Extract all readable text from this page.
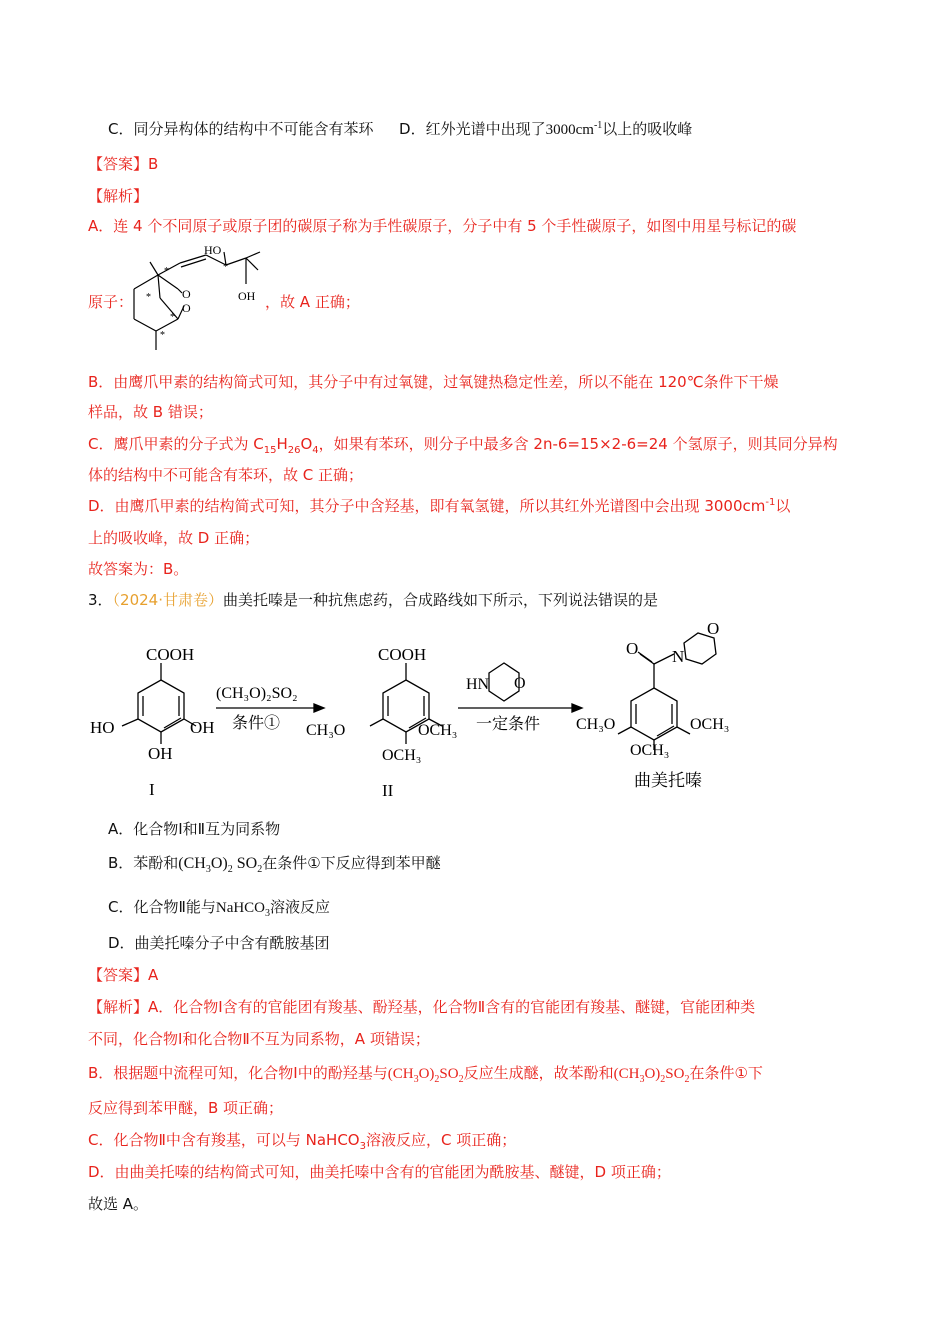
C．同分异构体的结构中不可能含有苯环 D．红外光谱中出现了$3000cm^{-1}$以上的吸收峰
【答案】B
【解析】
A．连 4 个不同原子或原子团的碳原子称为手性碳原子，分子中有 5 个手性碳原子，如图中用星号标记的碳
原子：	，故 A 正确；
HO
OH
O
O
*
*
*
*
*
B．由鹰爪甲素的结构简式可知，其分子中有过氧键，过氧键热稳定性差，所以不能在 120℃条件下干燥
样品，故 B 错误；
C．鹰爪甲素的分子式为 $C_{15}H_{26}O_4$，如果有苯环，则分子中最多含 2n-6=15×2-6=24 个氢原子，则其同分异构
体的结构中不可能含有苯环，故 C 正确；
D．由鹰爪甲素的结构简式可知，其分子中含羟基，即有氧氢键，所以其红外光谱图中会出现 $3000cm^{-1}$以
上的吸收峰，故 D 正确；
故答案为：B。
3．（2024·甘肃卷）曲美托嗪是一种抗焦虑药，合成路线如下所示，下列说法错误的是
COOH
HO	OH
OH
I
(CH₃O)₂SO₂
条件①
COOH
CH₃O	OCH₃
OCH₃
II
HN O
一定条件
O N
O
CH₃O	OCH₃
OCH₃
曲美托嗪
A．化合物Ⅰ和Ⅱ互为同系物
B．苯酚和$(CH_3O)_2$ $SO_2$在条件①下反应得到苯甲醚
C．化合物Ⅱ能与NaHCO$_3$溶液反应
D．曲美托嗪分子中含有酰胺基团
【答案】A
【解析】A．化合物Ⅰ含有的官能团有羧基、酚羟基，化合物Ⅱ含有的官能团有羧基、醚键，官能团种类
不同，化合物Ⅰ和化合物Ⅱ不互为同系物，A 项错误；
B．根据题中流程可知，化合物Ⅰ中的酚羟基与$(CH_3O)_2SO_2$反应生成醚，故苯酚和$(CH_3O)_2SO_2$在条件①下
反应得到苯甲醚，B 项正确；
C．化合物Ⅱ中含有羧基，可以与 NaHCO$_3$溶液反应，C 项正确；
D．由曲美托嗪的结构简式可知，曲美托嗪中含有的官能团为酰胺基、醚键，D 项正确；
故选 A。
